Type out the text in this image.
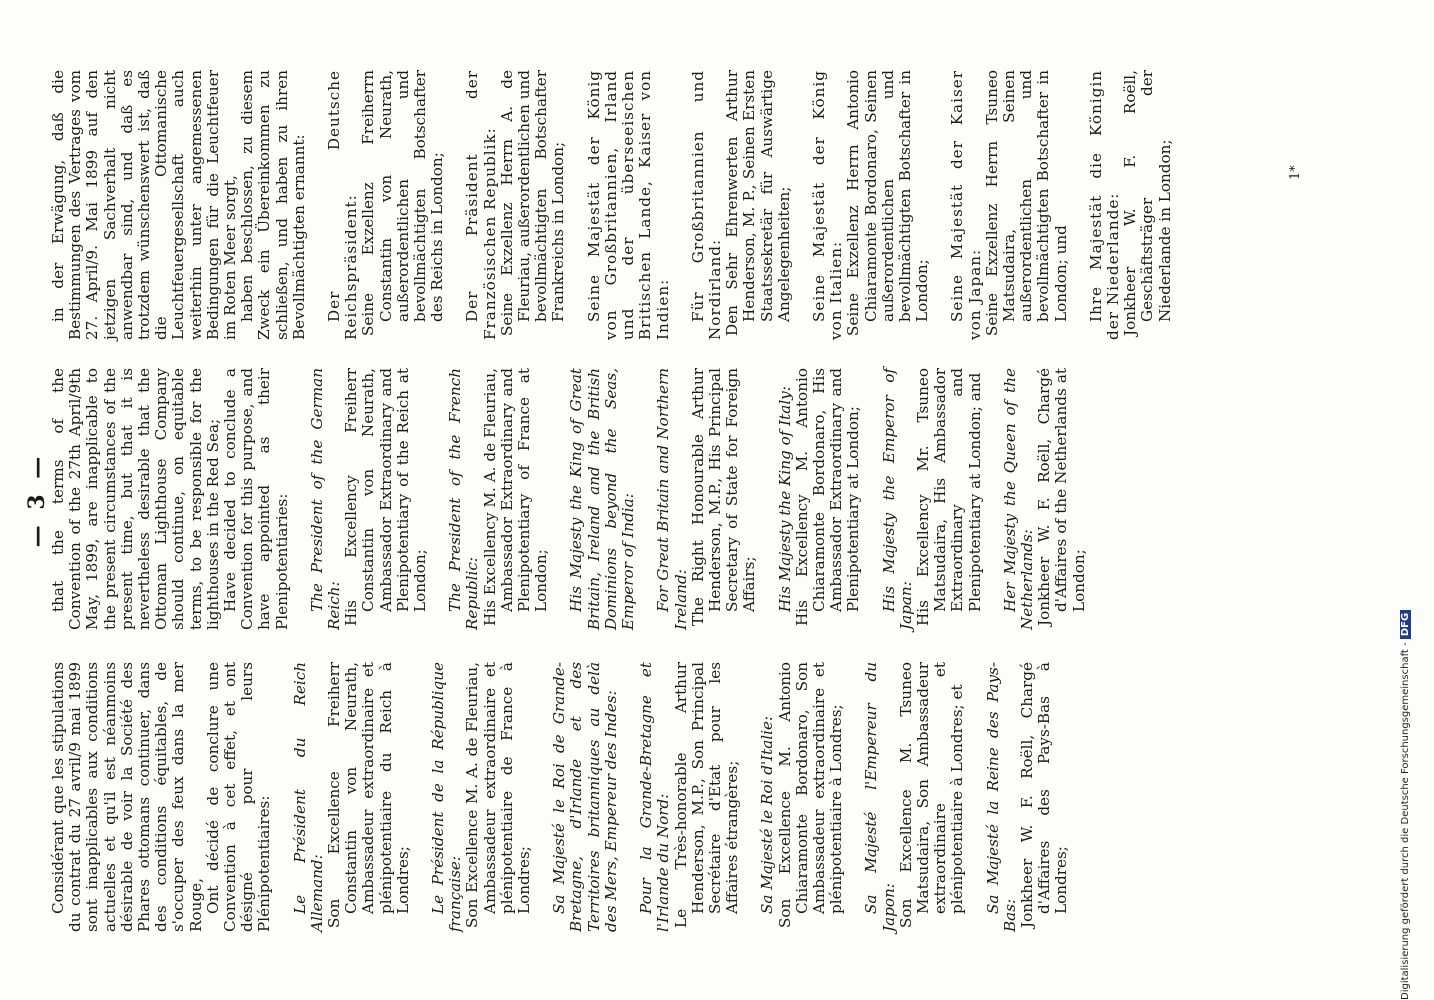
— 3 —

Considérant que les stipulations du contrat du 27 avril/9 mai 1899 sont inapplicables aux conditions actuelles et qu'il est néanmoins désirable de voir la Société des Phares ottomans continuer, dans des conditions équitables, de s'occuper des feux dans la mer Rouge, Ont décidé de conclure une Convention à cet effet, et ont désigné pour leurs Plénipotentiaires: Le Président du Reich Allemand: Son Excellence Freiherr Constantin von Neurath, Ambassadeur extraordinaire et plénipotentiaire du Reich à Londres; Le Président de la République française: Son Excellence M. A. de Fleuriau, Ambassadeur extraordinaire et plénipotentiaire de France à Londres; Sa Majesté le Roi de Grande-Bretagne, d'Irlande et des Territoires britanniques au delà des Mers, Empereur des Indes: Pour la Grande-Bretagne et l'Irlande du Nord: Le Très-honorable Arthur Henderson, M.P., Son Principal Secrétaire d'Etat pour les Affaires étrangères; Sa Majesté le Roi d'Italie: Son Excellence M. Antonio Chiaramonte Bordonaro, Son Ambassadeur extraordinaire et plénipotentiaire à Londres; Sa Majesté l'Empereur du Japon: Son Excellence M. Tsuneo Matsudaira, Son Ambassadeur extraordinaire et plénipotentiaire à Londres; et Sa Majesté la Reine des Pays-Bas: Jonkheer W. F. Roëll, Chargé d'Affaires des Pays-Bas à Londres;

that the terms of the Convention of the 27th April/9th May, 1899, are inapplicable to the present circumstances of the present time, but that it is nevertheless desirable that the Ottoman Lighthouse Company should continue, on equitable terms, to be responsible for the lighthouses in the Red Sea; Have decided to conclude a Convention for this purpose, and have appointed as their Plenipotentiaries: The President of the German Reich: His Excellency Freiherr Constantin von Neurath, Ambassador Extraordinary and Plenipotentiary of the Reich at London; The President of the French Republic: His Excellency M. A. de Fleuriau, Ambassador Extraordinary and Plenipotentiary of France at London; His Majesty the King of Great Britain, Ireland and the British Dominions beyond the Seas, Emperor of India: For Great Britain and Northern Ireland: The Right Honourable Arthur Henderson, M.P., His Principal Secretary of State for Foreign Affairs; His Majesty the King of Italy: His Excellency M. Antonio Chiaramonte Bordonaro, His Ambassador Extraordinary and Plenipotentiary at London; His Majesty the Emperor of Japan: His Excellency Mr. Tsuneo Matsudaira, His Ambassador Extraordinary and Plenipotentiary at London; and Her Majesty the Queen of the Netherlands: Jonkheer W. F. Roëll, Chargé d'Affaires of the Netherlands at London;

in der Erwägung, daß die Bestimmungen des Vertrages vom 27. April/9. Mai 1899 auf den jetzigen Sachverhalt nicht anwendbar sind, und daß es trotzdem wünschenswert ist, daß die Ottomanische Leuchtfeuergesellschaft auch weiterhin unter angemessenen Bedingungen für die Leuchtfeuer im Roten Meer sorgt, haben beschlossen, zu diesem Zweck ein Übereinkommen zu schließen, und haben zu ihren Bevollmächtigten ernannt: Der Deutsche Reichspräsident: Seine Exzellenz Freiherrn Constantin von Neurath, außerordentlichen und bevollmächtigten Botschafter des Reichs in London; Der Präsident der Französischen Republik: Seine Exzellenz Herrn A. de Fleuriau, außerordentlichen und bevollmächtigten Botschafter Frankreichs in London; Seine Majestät der König von Großbritannien, Irland und der überseeischen Britischen Lande, Kaiser von Indien: Für Großbritannien und Nordirland: Den Sehr Ehrenwerten Arthur Henderson, M. P., Seinen Ersten Staatssekretär für Auswärtige Angelegenheiten; Seine Majestät der König von Italien: Seine Exzellenz Herrn Antonio Chiaramonte Bordonaro, Seinen außerordentlichen und bevollmächtigten Botschafter in London; Seine Majestät der Kaiser von Japan: Seine Exzellenz Herrn Tsuneo Matsudaira, Seinen außerordentlichen und bevollmächtigten Botschafter in London; und Ihre Majestät die Königin der Niederlande: Jonkheer W. F. Roëll, Geschäftsträger der Niederlande in London;	1*
Digitalisierung gefördert durch die Deutsche Forschungsgemeinschaft - DFG
